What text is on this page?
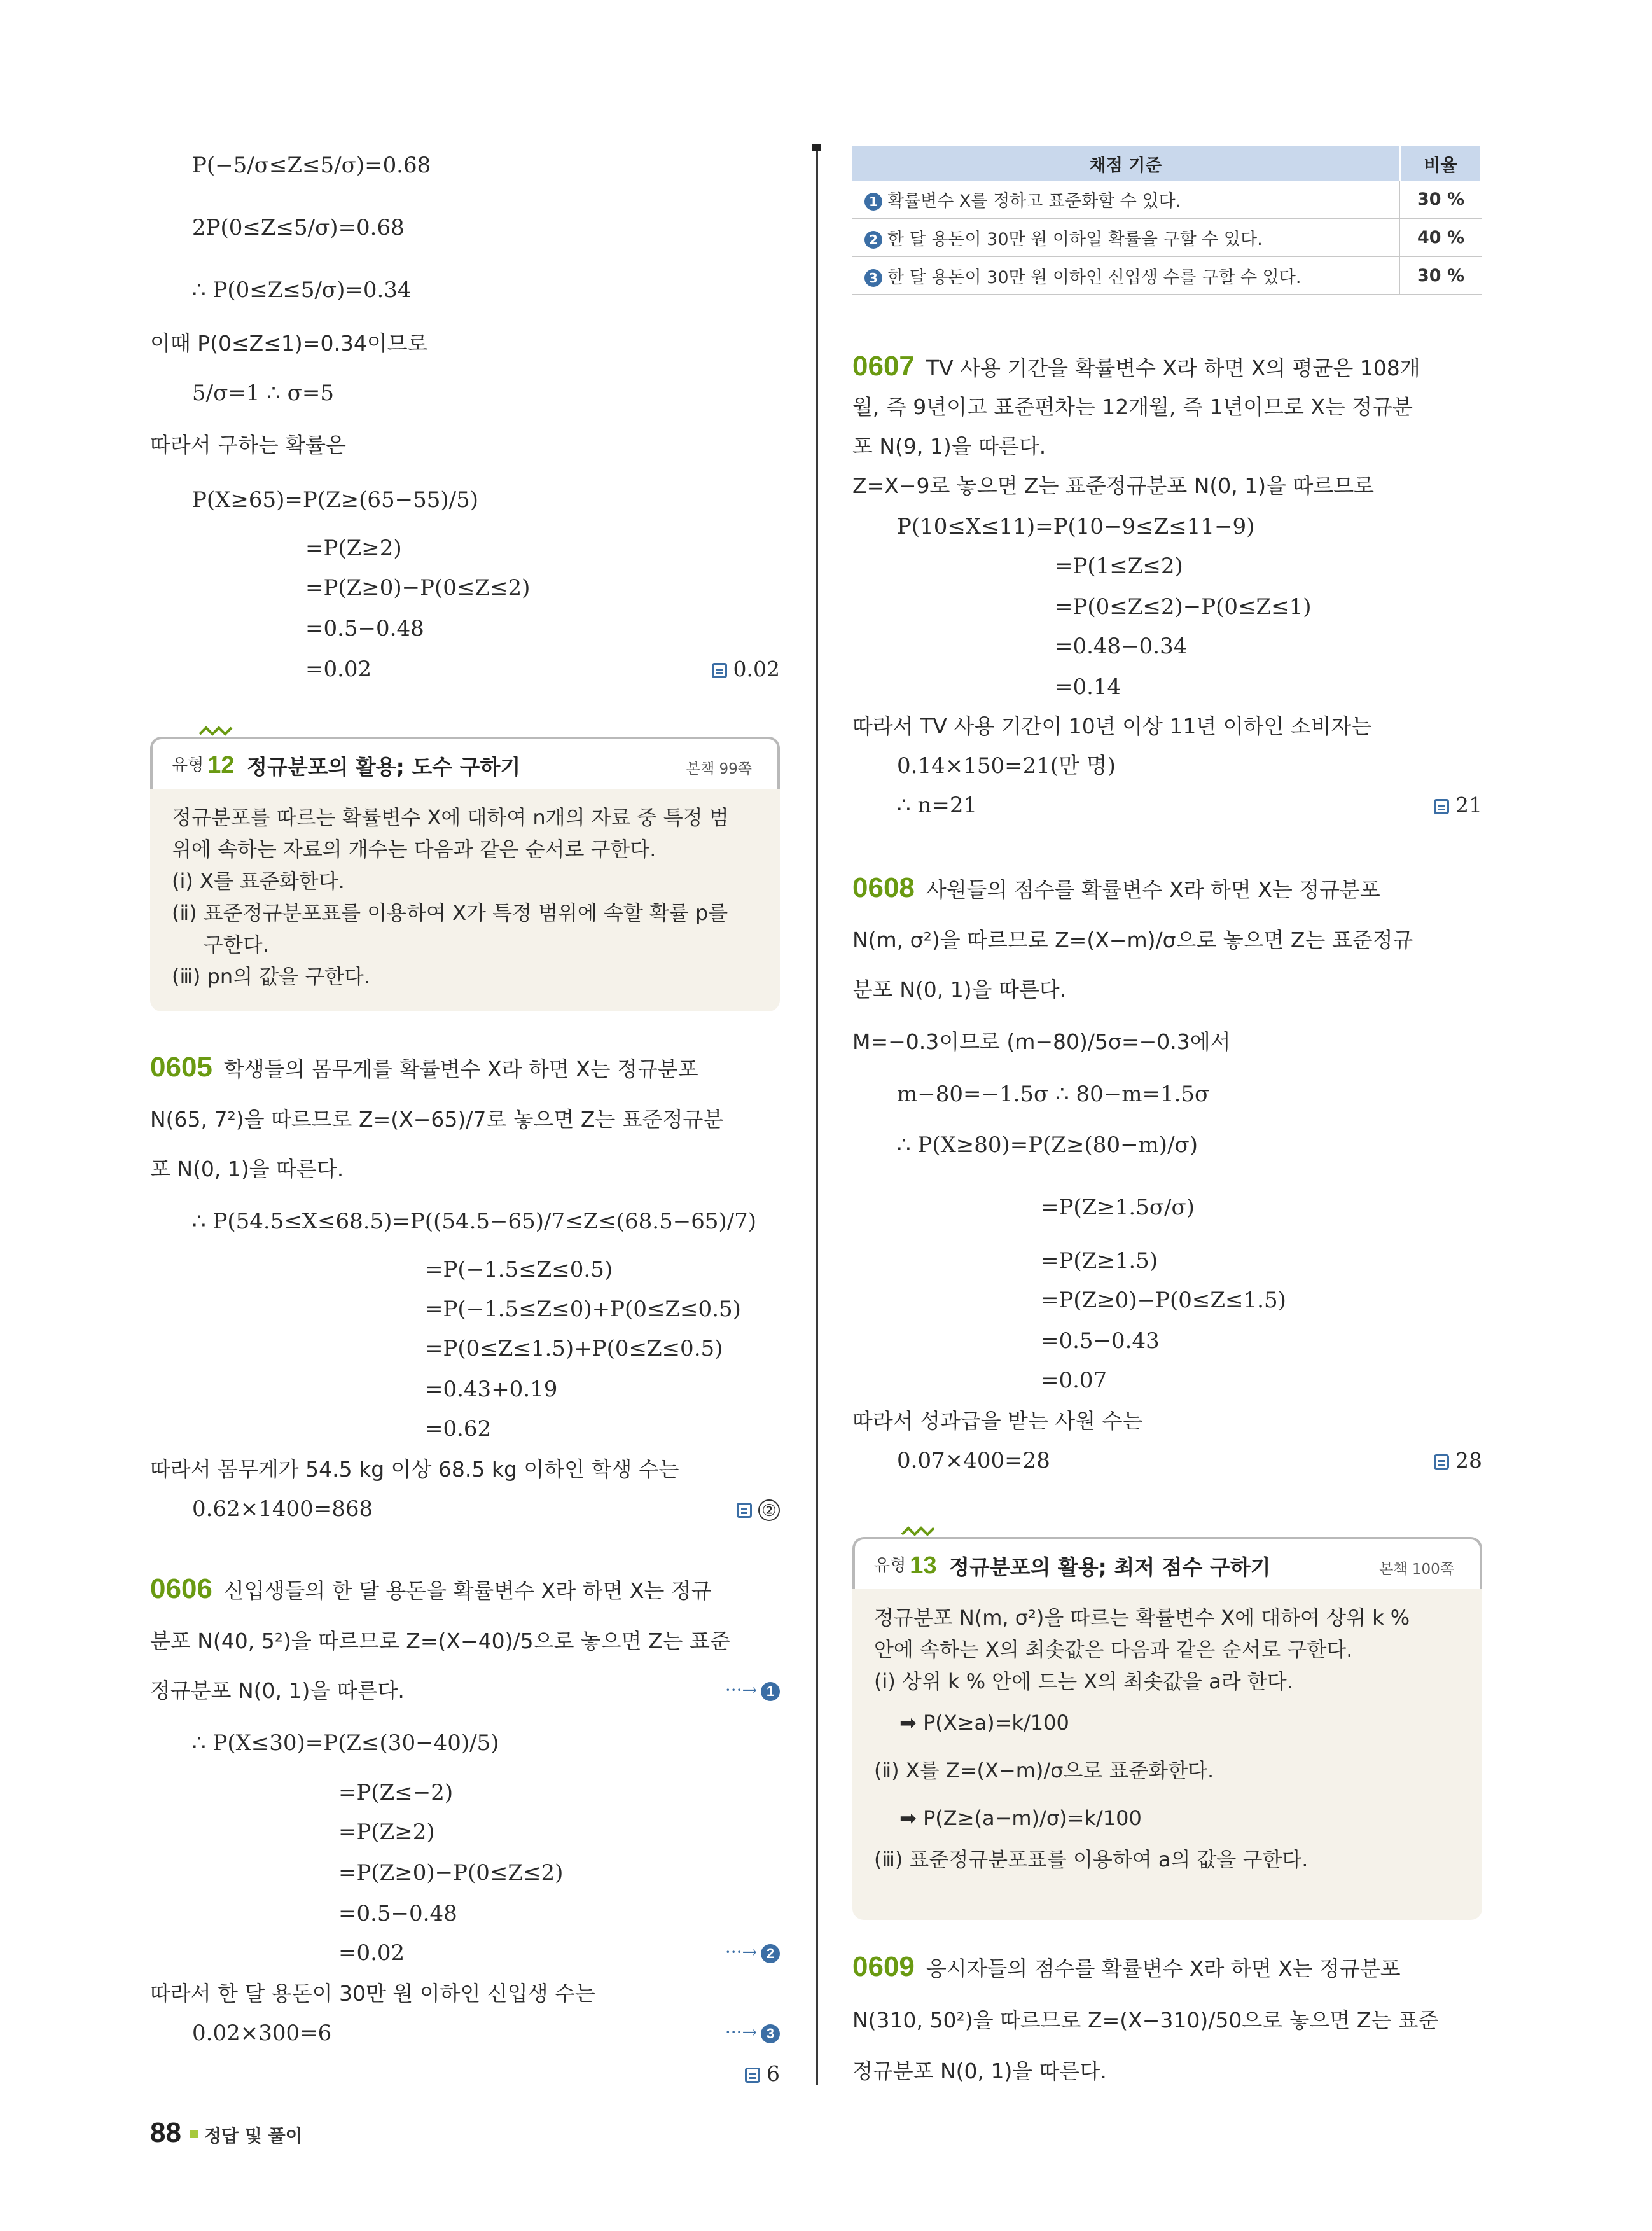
P(−5/σ≤Z≤5/σ)=0.68
2P(0≤Z≤5/σ)=0.68
∴ P(0≤Z≤5/σ)=0.34
이때 P(0≤Z≤1)=0.34이므로
5/σ=1 ∴ σ=5
따라서 구하는 확률은
P(X≥65)=P(Z≥(65−55)/5)
=P(Z≥2)
=P(Z≥0)−P(0≤Z≤2)
=0.5−0.48
=0.02	0.02
유형 12 정규분포의 활용; 도수 구하기	본책 99쪽
정규분포를 따르는 확률변수 X에 대하여 n개의 자료 중 특정 범
위에 속하는 자료의 개수는 다음과 같은 순서로 구한다.
(ⅰ) X를 표준화한다.
(ⅱ) 표준정규분포표를 이용하여 X가 특정 범위에 속할 확률 p를
구한다.
(ⅲ) pn의 값을 구한다.
0605 학생들의 몸무게를 확률변수 X라 하면 X는 정규분포
N(65, 7²)을 따르므로 Z=(X−65)/7로 놓으면 Z는 표준정규분
포 N(0, 1)을 따른다.
∴ P(54.5≤X≤68.5)=P((54.5−65)/7≤Z≤(68.5−65)/7)
=P(−1.5≤Z≤0.5)
=P(−1.5≤Z≤0)+P(0≤Z≤0.5)
=P(0≤Z≤1.5)+P(0≤Z≤0.5)
=0.43+0.19
=0.62
따라서 몸무게가 54.5 kg 이상 68.5 kg 이하인 학생 수는
0.62×1400=868	②
0606 신입생들의 한 달 용돈을 확률변수 X라 하면 X는 정규
분포 N(40, 5²)을 따르므로 Z=(X−40)/5으로 놓으면 Z는 표준
정규분포 N(0, 1)을 따른다.	···→ 1
∴ P(X≤30)=P(Z≤(30−40)/5)
=P(Z≤−2)
=P(Z≥2)
=P(Z≥0)−P(0≤Z≤2)
=0.5−0.48
=0.02	···→ 2
따라서 한 달 용돈이 30만 원 이하인 신입생 수는
0.02×300=6	···→ 3
6
채점 기준	비율
1 확률변수 X를 정하고 표준화할 수 있다.	30 %
2 한 달 용돈이 30만 원 이하일 확률을 구할 수 있다.	40 %
3 한 달 용돈이 30만 원 이하인 신입생 수를 구할 수 있다.	30 %
0607 TV 사용 기간을 확률변수 X라 하면 X의 평균은 108개
월, 즉 9년이고 표준편차는 12개월, 즉 1년이므로 X는 정규분
포 N(9, 1)을 따른다.
Z=X−9로 놓으면 Z는 표준정규분포 N(0, 1)을 따르므로
P(10≤X≤11)=P(10−9≤Z≤11−9)
=P(1≤Z≤2)
=P(0≤Z≤2)−P(0≤Z≤1)
=0.48−0.34
=0.14
따라서 TV 사용 기간이 10년 이상 11년 이하인 소비자는
0.14×150=21(만 명)
∴ n=21	21
0608 사원들의 점수를 확률변수 X라 하면 X는 정규분포
N(m, σ²)을 따르므로 Z=(X−m)/σ으로 놓으면 Z는 표준정규
분포 N(0, 1)을 따른다.
M=−0.3이므로 (m−80)/5σ=−0.3에서
m−80=−1.5σ ∴ 80−m=1.5σ
∴ P(X≥80)=P(Z≥(80−m)/σ)
=P(Z≥1.5σ/σ)
=P(Z≥1.5)
=P(Z≥0)−P(0≤Z≤1.5)
=0.5−0.43
=0.07
따라서 성과급을 받는 사원 수는
0.07×400=28	28
유형 13 정규분포의 활용; 최저 점수 구하기	본책 100쪽
정규분포 N(m, σ²)을 따르는 확률변수 X에 대하여 상위 k %
안에 속하는 X의 최솟값은 다음과 같은 순서로 구한다.
(ⅰ) 상위 k % 안에 드는 X의 최솟값을 a라 한다.
➡ P(X≥a)=k/100
(ⅱ) X를 Z=(X−m)/σ으로 표준화한다.
➡ P(Z≥(a−m)/σ)=k/100
(ⅲ) 표준정규분포표를 이용하여 a의 값을 구한다.
0609 응시자들의 점수를 확률변수 X라 하면 X는 정규분포
N(310, 50²)을 따르므로 Z=(X−310)/50으로 놓으면 Z는 표준
정규분포 N(0, 1)을 따른다.
88 정답 및 풀이
